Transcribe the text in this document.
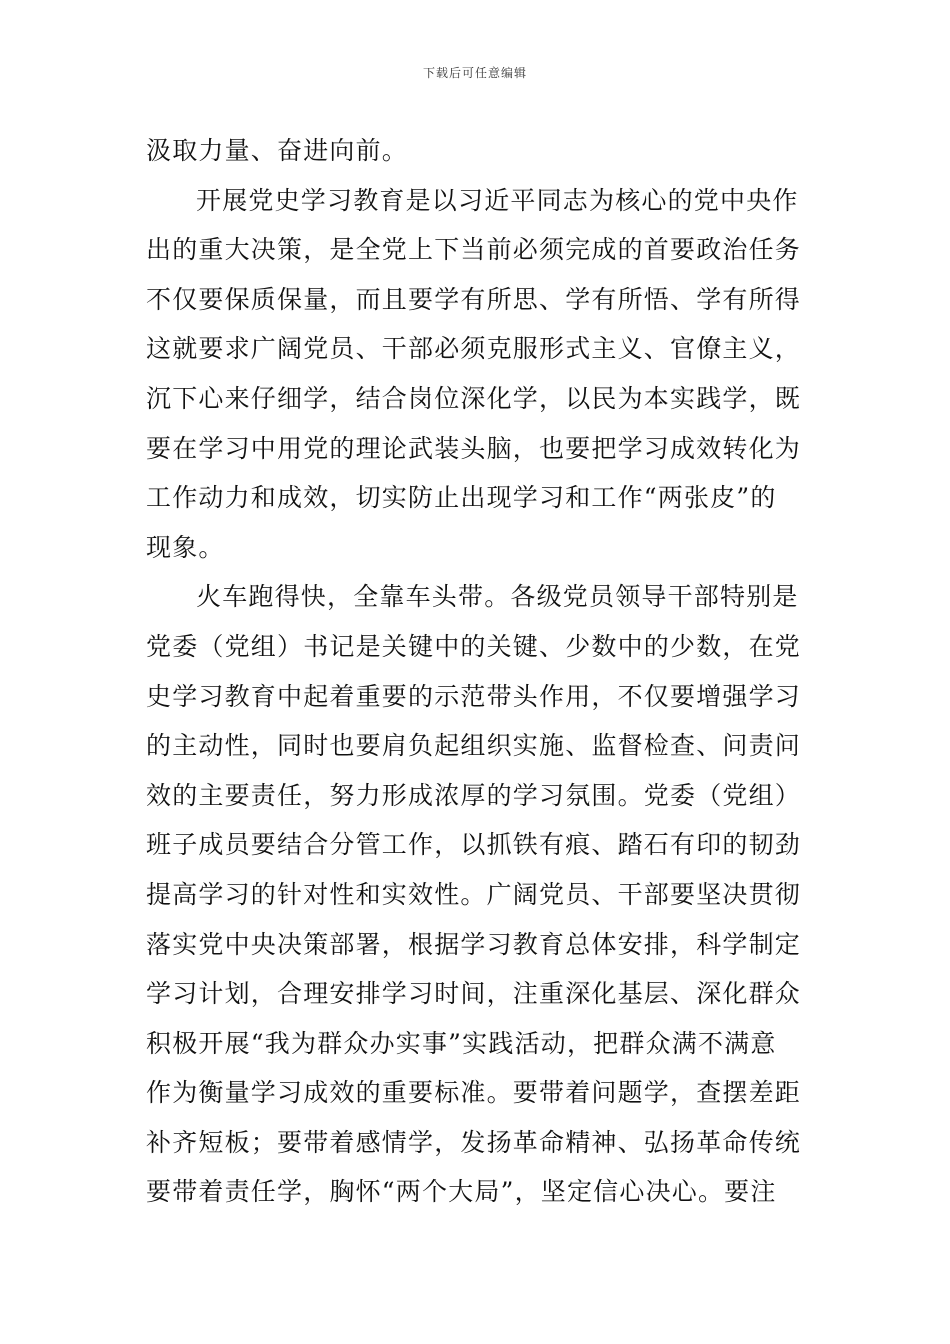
下载后可任意编辑
汲取力量、奋进向前。
开展党史学习教育是以习近平同志为核心的党中央作
出的重大决策，是全党上下当前必须完成的首要政治任务
不仅要保质保量，而且要学有所思、学有所悟、学有所得
这就要求广阔党员、干部必须克服形式主义、官僚主义，
沉下心来仔细学，结合岗位深化学，以民为本实践学，既
要在学习中用党的理论武装头脑，也要把学习成效转化为
工作动力和成效，切实防止出现学习和工作“两张皮”的
现象。
火车跑得快，全靠车头带。各级党员领导干部特别是
党委（党组）书记是关键中的关键、少数中的少数，在党
史学习教育中起着重要的示范带头作用，不仅要增强学习
的主动性，同时也要肩负起组织实施、监督检查、问责问
效的主要责任，努力形成浓厚的学习氛围。党委（党组）
班子成员要结合分管工作，以抓铁有痕、踏石有印的韧劲
提高学习的针对性和实效性。广阔党员、干部要坚决贯彻
落实党中央决策部署，根据学习教育总体安排，科学制定
学习计划，合理安排学习时间，注重深化基层、深化群众
积极开展“我为群众办实事”实践活动，把群众满不满意
作为衡量学习成效的重要标准。要带着问题学，查摆差距
补齐短板；要带着感情学，发扬革命精神、弘扬革命传统
要带着责任学，胸怀“两个大局”，坚定信心决心。要注
